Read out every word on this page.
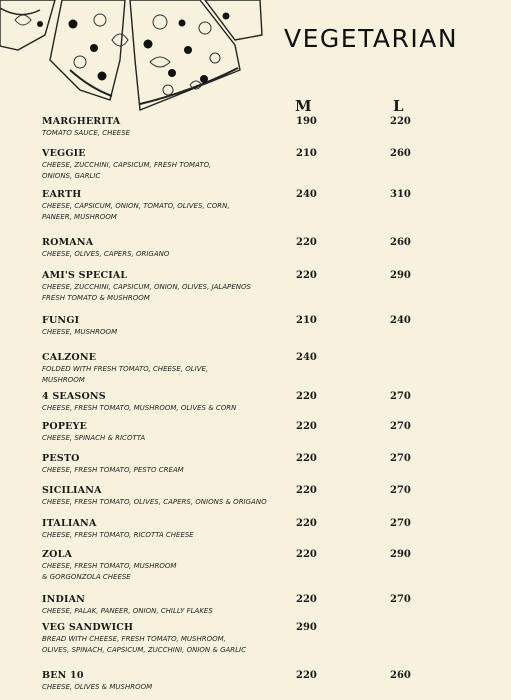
VEGETARIAN
M	L
MARGHERITA
TOMATO SAUCE, CHEESE
190	220
VEGGIE
CHEESE, ZUCCHINI, CAPSICUM, FRESH TOMATO,
ONIONS, GARLIC
210	260
EARTH
CHEESE, CAPSICUM, ONION, TOMATO, OLIVES, CORN,
PANEER, MUSHROOM
240	310
ROMANA
CHEESE, OLIVES, CAPERS, ORIGANO
220	260
AMI'S SPECIAL
CHEESE, ZUCCHINI, CAPSICUM, ONION, OLIVES, JALAPENOS
FRESH TOMATO & MUSHROOM
220	290
FUNGI
CHEESE, MUSHROOM
210	240
CALZONE
FOLDED WITH FRESH TOMATO, CHEESE, OLIVE,
MUSHROOM
240
4 SEASONS
CHEESE, FRESH TOMATO, MUSHROOM, OLIVES & CORN
220	270
POPEYE
CHEESE, SPINACH & RICOTTA
220	270
PESTO
CHEESE, FRESH TOMATO, PESTO CREAM
220	270
SICILIANA
CHEESE, FRESH TOMATO, OLIVES, CAPERS, ONIONS & ORIGANO
220	270
ITALIANA
CHEESE, FRESH TOMATO, RICOTTA CHEESE
220	270
ZOLA
CHEESE, FRESH TOMATO, MUSHROOM
& GORGONZOLA CHEESE
220	290
INDIAN
CHEESE, PALAK, PANEER, ONION, CHILLY FLAKES
220	270
VEG SANDWICH
BREAD WITH CHEESE, FRESH TOMATO, MUSHROOM,
OLIVES, SPINACH, CAPSICUM, ZUCCHINI, ONION & GARLIC
290
BEN 10
CHEESE, OLIVES & MUSHROOM
220	260
